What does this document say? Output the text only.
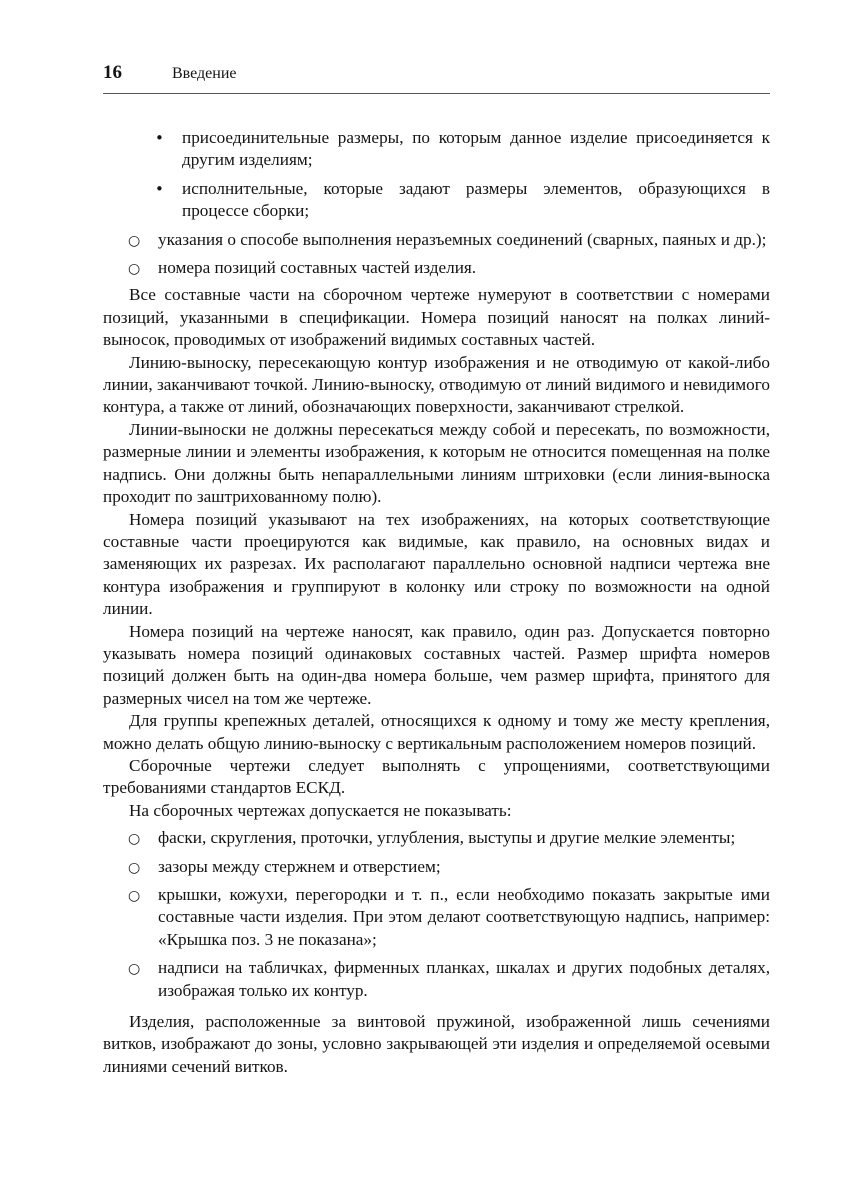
16	Введение
• присоединительные размеры, по которым данное изделие присоединяется к другим изделиям;
• исполнительные, которые задают размеры элементов, образующихся в процессе сборки;
○ указания о способе выполнения неразъемных соединений (сварных, паяных и др.);
○ номера позиций составных частей изделия.

Все составные части на сборочном чертеже нумеруют в соответствии с номерами позиций, указанными в спецификации. Номера позиций наносят на полках линий-выносок, проводимых от изображений видимых составных частей.

Линию-выноску, пересекающую контур изображения и не отводимую от какой-либо линии, заканчивают точкой. Линию-выноску, отводимую от линий видимого и невидимого контура, а также от линий, обозначающих поверхности, заканчивают стрелкой.

Линии-выноски не должны пересекаться между собой и пересекать, по возможности, размерные линии и элементы изображения, к которым не относится помещенная на полке надпись. Они должны быть непараллельными линиям штриховки (если линия-выноска проходит по заштрихованному полю).

Номера позиций указывают на тех изображениях, на которых соответствующие составные части проецируются как видимые, как правило, на основных видах и заменяющих их разрезах. Их располагают параллельно основной надписи чертежа вне контура изображения и группируют в колонку или строку по возможности на одной линии.

Номера позиций на чертеже наносят, как правило, один раз. Допускается повторно указывать номера позиций одинаковых составных частей. Размер шрифта номеров позиций должен быть на один-два номера больше, чем размер шрифта, принятого для размерных чисел на том же чертеже.

Для группы крепежных деталей, относящихся к одному и тому же месту крепления, можно делать общую линию-выноску с вертикальным расположением номеров позиций.

Сборочные чертежи следует выполнять с упрощениями, соответствующими требованиями стандартов ЕСКД.

На сборочных чертежах допускается не показывать:

○ фаски, скругления, проточки, углубления, выступы и другие мелкие элементы;
○ зазоры между стержнем и отверстием;
○ крышки, кожухи, перегородки и т. п., если необходимо показать закрытые ими составные части изделия. При этом делают соответствующую надпись, например: «Крышка поз. 3 не показана»;
○ надписи на табличках, фирменных планках, шкалах и других подобных деталях, изображая только их контур.

Изделия, расположенные за винтовой пружиной, изображенной лишь сечениями витков, изображают до зоны, условно закрывающей эти изделия и определяемой осевыми линиями сечений витков.
